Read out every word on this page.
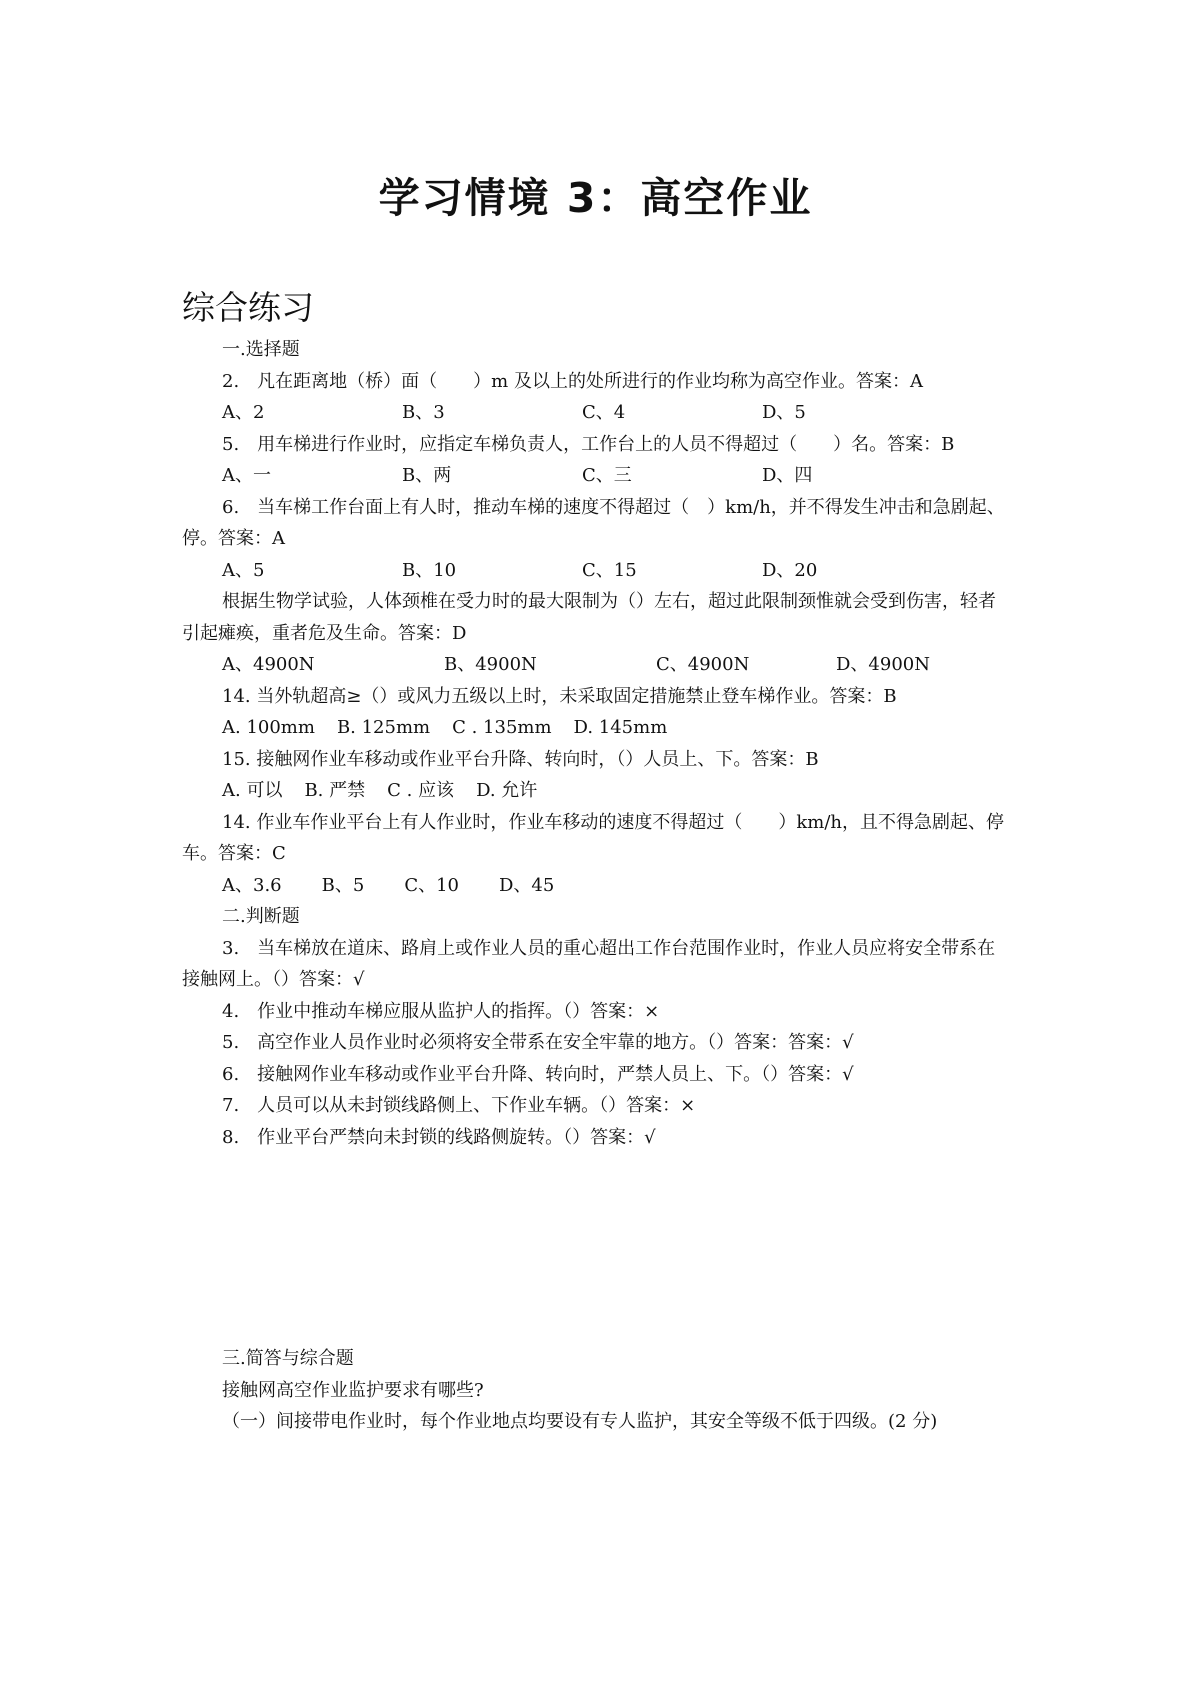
学习情境 3：高空作业
综合练习

一.选择题

2.　凡在距离地（桥）面（　　）m 及以上的处所进行的作业均称为高空作业。答案：A

A、2	B、3	C、4	D、5

5.　用车梯进行作业时，应指定车梯负责人，工作台上的人员不得超过（　　）名。答案：B

A、一	B、两	C、三	D、四

6.　当车梯工作台面上有人时，推动车梯的速度不得超过（　）km/h，并不得发生冲击和急剧起、停。答案：A

A、5	B、10	C、15	D、20

根据生物学试验，人体颈椎在受力时的最大限制为（）左右，超过此限制颈惟就会受到伤害，轻者引起瘫痪，重者危及生命。答案：D

A、4900N	B、4900N	C、4900N	D、4900N

14. 当外轨超高≥（）或风力五级以上时，未采取固定措施禁止登车梯作业。答案：B

A. 100mm B. 125mm C . 135mm D. 145mm

15. 接触网作业车移动或作业平台升降、转向时，（）人员上、下。答案：B

A. 可以 B. 严禁 C . 应该 D. 允许

14. 作业车作业平台上有人作业时，作业车移动的速度不得超过（　　）km/h，且不得急剧起、停车。答案：C

A、3.6 B、5 C、10 D、45

二.判断题

3.　当车梯放在道床、路肩上或作业人员的重心超出工作台范围作业时，作业人员应将安全带系在接触网上。（）答案：√

4.　作业中推动车梯应服从监护人的指挥。（）答案：×

5.　高空作业人员作业时必须将安全带系在安全牢靠的地方。（）答案：答案：√

6.　接触网作业车移动或作业平台升降、转向时，严禁人员上、下。（）答案：√

7.　人员可以从未封锁线路侧上、下作业车辆。（）答案：×

8.　作业平台严禁向未封锁的线路侧旋转。（）答案：√

三.简答与综合题

接触网高空作业监护要求有哪些?

（一）间接带电作业时，每个作业地点均要设有专人监护，其安全等级不低于四级。(2 分)
